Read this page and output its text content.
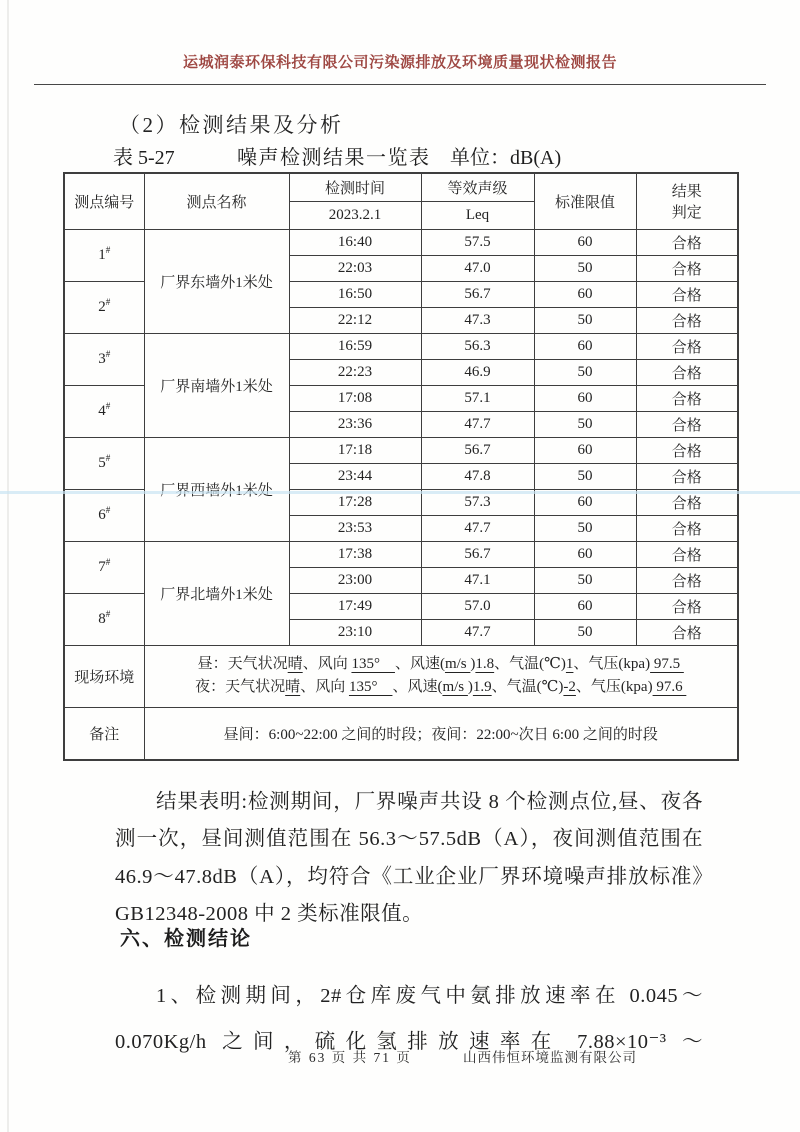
运城润泰环保科技有限公司污染源排放及环境质量现状检测报告
（2）检测结果及分析
表 5-27	噪声检测结果一览表 单位：dB(A)
测点编号	测点名称	检测时间	等效声级	标准限值	结果
判定
		2023.2.1	Leq		
1#	厂界东墙外1米处	16:40	57.5	60	合格
		22:03	47.0	50	合格
2#		16:50	56.7	60	合格
		22:12	47.3	50	合格
3#	厂界南墙外1米处	16:59	56.3	60	合格
		22:23	46.9	50	合格
4#		17:08	57.1	60	合格
		23:36	47.7	50	合格
5#		17:18	56.7	60	合格
		23:44	47.8	50	合格
6#		17:28	57.3	60	合格
		23:53	47.7	50	合格
7#	厂界北墙外1米处	17:38	56.7	60	合格
		23:00	47.1	50	合格
8#		17:49	57.0	60	合格
		23:10	47.7	50	合格
现场环境	昼：天气状况晴、风向 135°　、风速(m/s )1.8、气温(℃)1、气压(kpa) 97.5
夜：天气状况晴、风向 135°　、风速(m/s )1.9、气温(℃)-2、气压(kpa) 97.6				

备注	昼间：6:00~22:00 之间的时段；夜间：22:00~次日 6:00 之间的时段				

结果表明:检测期间，厂界噪声共设 8 个检测点位,昼、夜各测一次，昼间测值范围在 56.3～57.5dB（A），夜间测值范围在 46.9～47.8dB（A），均符合《工业企业厂界环境噪声排放标准》GB12348-2008 中 2 类标准限值。

六、检测结论

1、检测期间，2#仓库废气中氨排放速率在 0.045～0.070Kg/h 之间，硫化氢排放速率在 7.88×10⁻³ ～

第 63 页 共 71 页	山西伟恒环境监测有限公司
